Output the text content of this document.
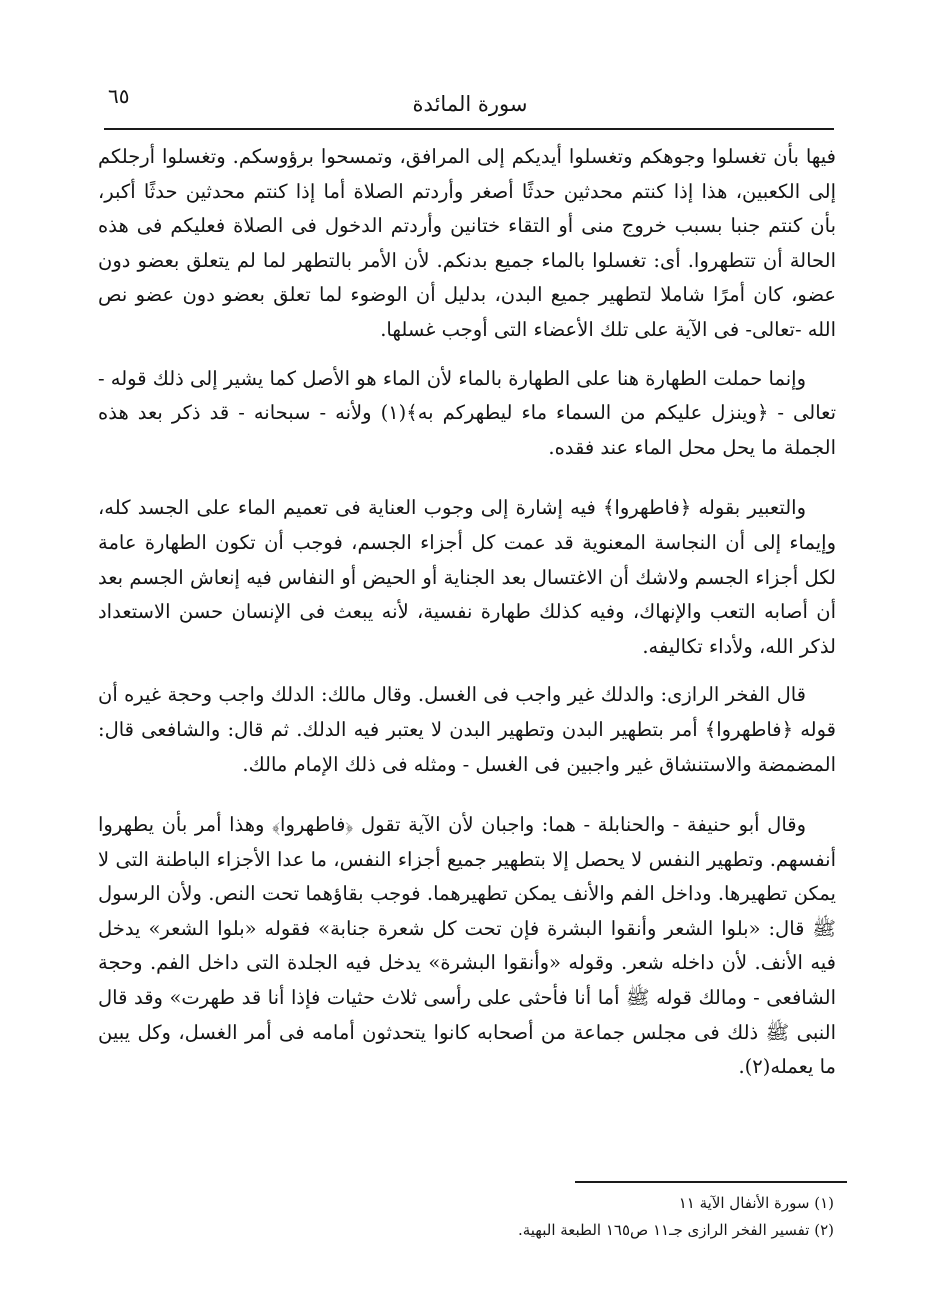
٦٥	سورة المائدة

فيها بأن تغسلوا وجوهكم وتغسلوا أيديكم إلى المرافق، وتمسحوا برؤوسكم. وتغسلوا أرجلكم إلى الكعبين، هذا إذا كنتم محدثين حدثًا أصغر وأردتم الصلاة أما إذا كنتم محدثين حدثًا أكبر، بأن كنتم جنبا بسبب خروج منى أو التقاء ختانين وأردتم الدخول فى الصلاة فعليكم فى هذه الحالة أن تتطهروا. أى: تغسلوا بالماء جميع بدنكم. لأن الأمر بالتطهر لما لم يتعلق بعضو دون عضو، كان أمرًا شاملا لتطهير جميع البدن، بدليل أن الوضوء لما تعلق بعضو دون عضو نص الله -تعالى- فى الآية على تلك الأعضاء التى أوجب غسلها.

وإنما حملت الطهارة هنا على الطهارة بالماء لأن الماء هو الأصل كما يشير إلى ذلك قوله - تعالى - ﴿وينزل عليكم من السماء ماء ليطهركم به﴾(١) ولأنه - سبحانه - قد ذكر بعد هذه الجملة ما يحل محل الماء عند فقده.

والتعبير بقوله ﴿فاطهروا﴾ فيه إشارة إلى وجوب العناية فى تعميم الماء على الجسد كله، وإيماء إلى أن النجاسة المعنوية قد عمت كل أجزاء الجسم، فوجب أن تكون الطهارة عامة لكل أجزاء الجسم ولاشك أن الاغتسال بعد الجناية أو الحيض أو النفاس فيه إنعاش الجسم بعد أن أصابه التعب والإنهاك، وفيه كذلك طهارة نفسية، لأنه يبعث فى الإنسان حسن الاستعداد لذكر الله، ولأداء تكاليفه.

قال الفخر الرازى: والدلك غير واجب فى الغسل. وقال مالك: الدلك واجب وحجة غيره أن قوله ﴿فاطهروا﴾ أمر بتطهير البدن وتطهير البدن لا يعتبر فيه الدلك. ثم قال: والشافعى قال: المضمضة والاستنشاق غير واجبين فى الغسل - ومثله فى ذلك الإمام مالك.

وقال أبو حنيفة - والحنابلة - هما: واجبان لأن الآية تقول ﴿فاطهروا﴾ وهذا أمر بأن يطهروا أنفسهم. وتطهير النفس لا يحصل إلا بتطهير جميع أجزاء النفس، ما عدا الأجزاء الباطنة التى لا يمكن تطهيرها. وداخل الفم والأنف يمكن تطهيرهما. فوجب بقاؤهما تحت النص. ولأن الرسول ﷺ قال: «بلوا الشعر وأنقوا البشرة فإن تحت كل شعرة جنابة» فقوله «بلوا الشعر» يدخل فيه الأنف. لأن داخله شعر. وقوله «وأنقوا البشرة» يدخل فيه الجلدة التى داخل الفم. وحجة الشافعى - ومالك قوله ﷺ أما أنا فأحثى على رأسى ثلاث حثيات فإذا أنا قد طهرت» وقد قال النبى ﷺ ذلك فى مجلس جماعة من أصحابه كانوا يتحدثون أمامه فى أمر الغسل، وكل يبين ما يعمله(٢).

(١) سورة الأنفال الآية ١١

(٢) تفسير الفخر الرازى جـ١١ ص١٦٥ الطبعة البهية.
